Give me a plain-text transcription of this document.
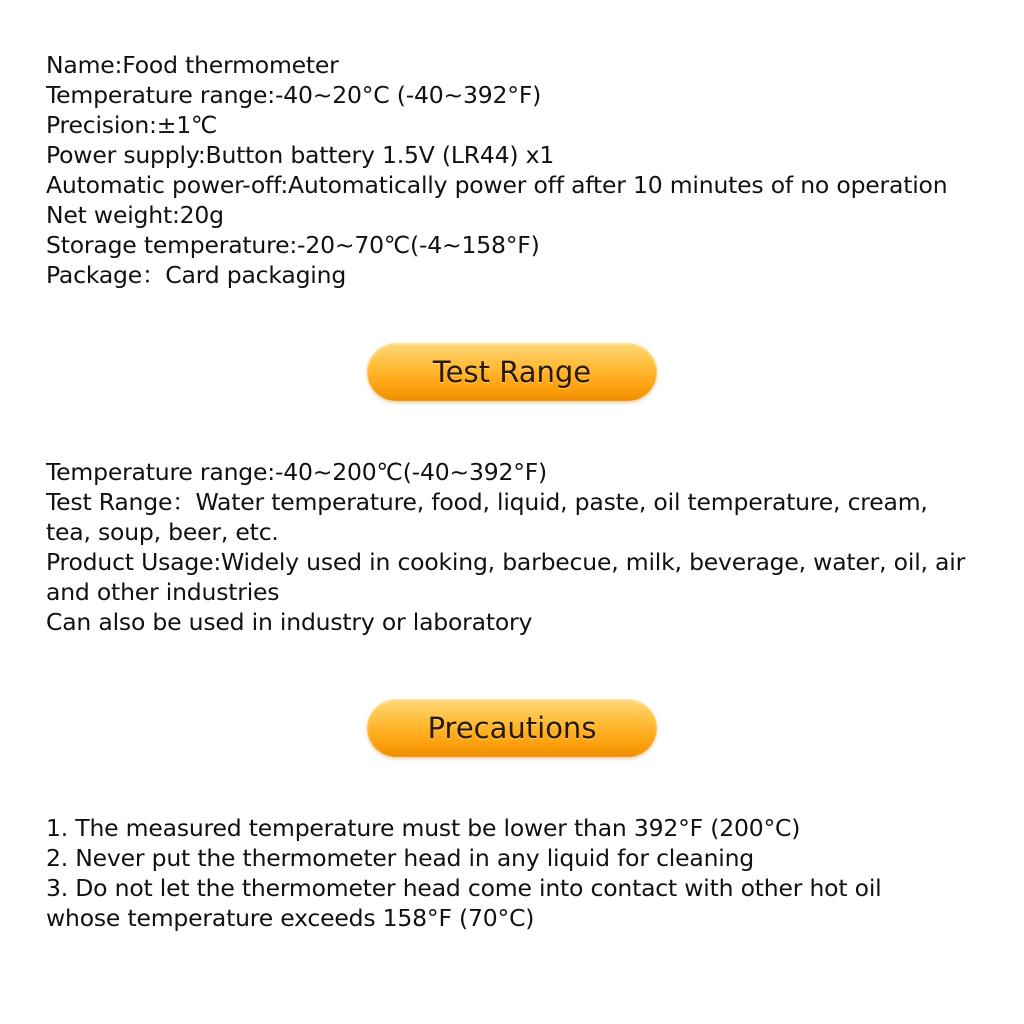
Name:Food thermometer
Temperature range:-40~20°C (-40~392°F)
Precision:±1℃
Power supply:Button battery 1.5V (LR44) x1
Automatic power-off:Automatically power off after 10 minutes of no operation
Net weight:20g
Storage temperature:-20~70℃(-4~158°F)
Package：Card packaging
Test Range
Temperature range:-40~200℃(-40~392°F)
Test Range：Water temperature, food, liquid, paste, oil temperature, cream,
tea, soup, beer, etc.
Product Usage:Widely used in cooking, barbecue, milk, beverage, water, oil, air
and other industries
Can also be used in industry or laboratory
Precautions
1. The measured temperature must be lower than 392°F (200°C)
2. Never put the thermometer head in any liquid for cleaning
3. Do not let the thermometer head come into contact with other hot oil
whose temperature exceeds 158°F (70°C)
